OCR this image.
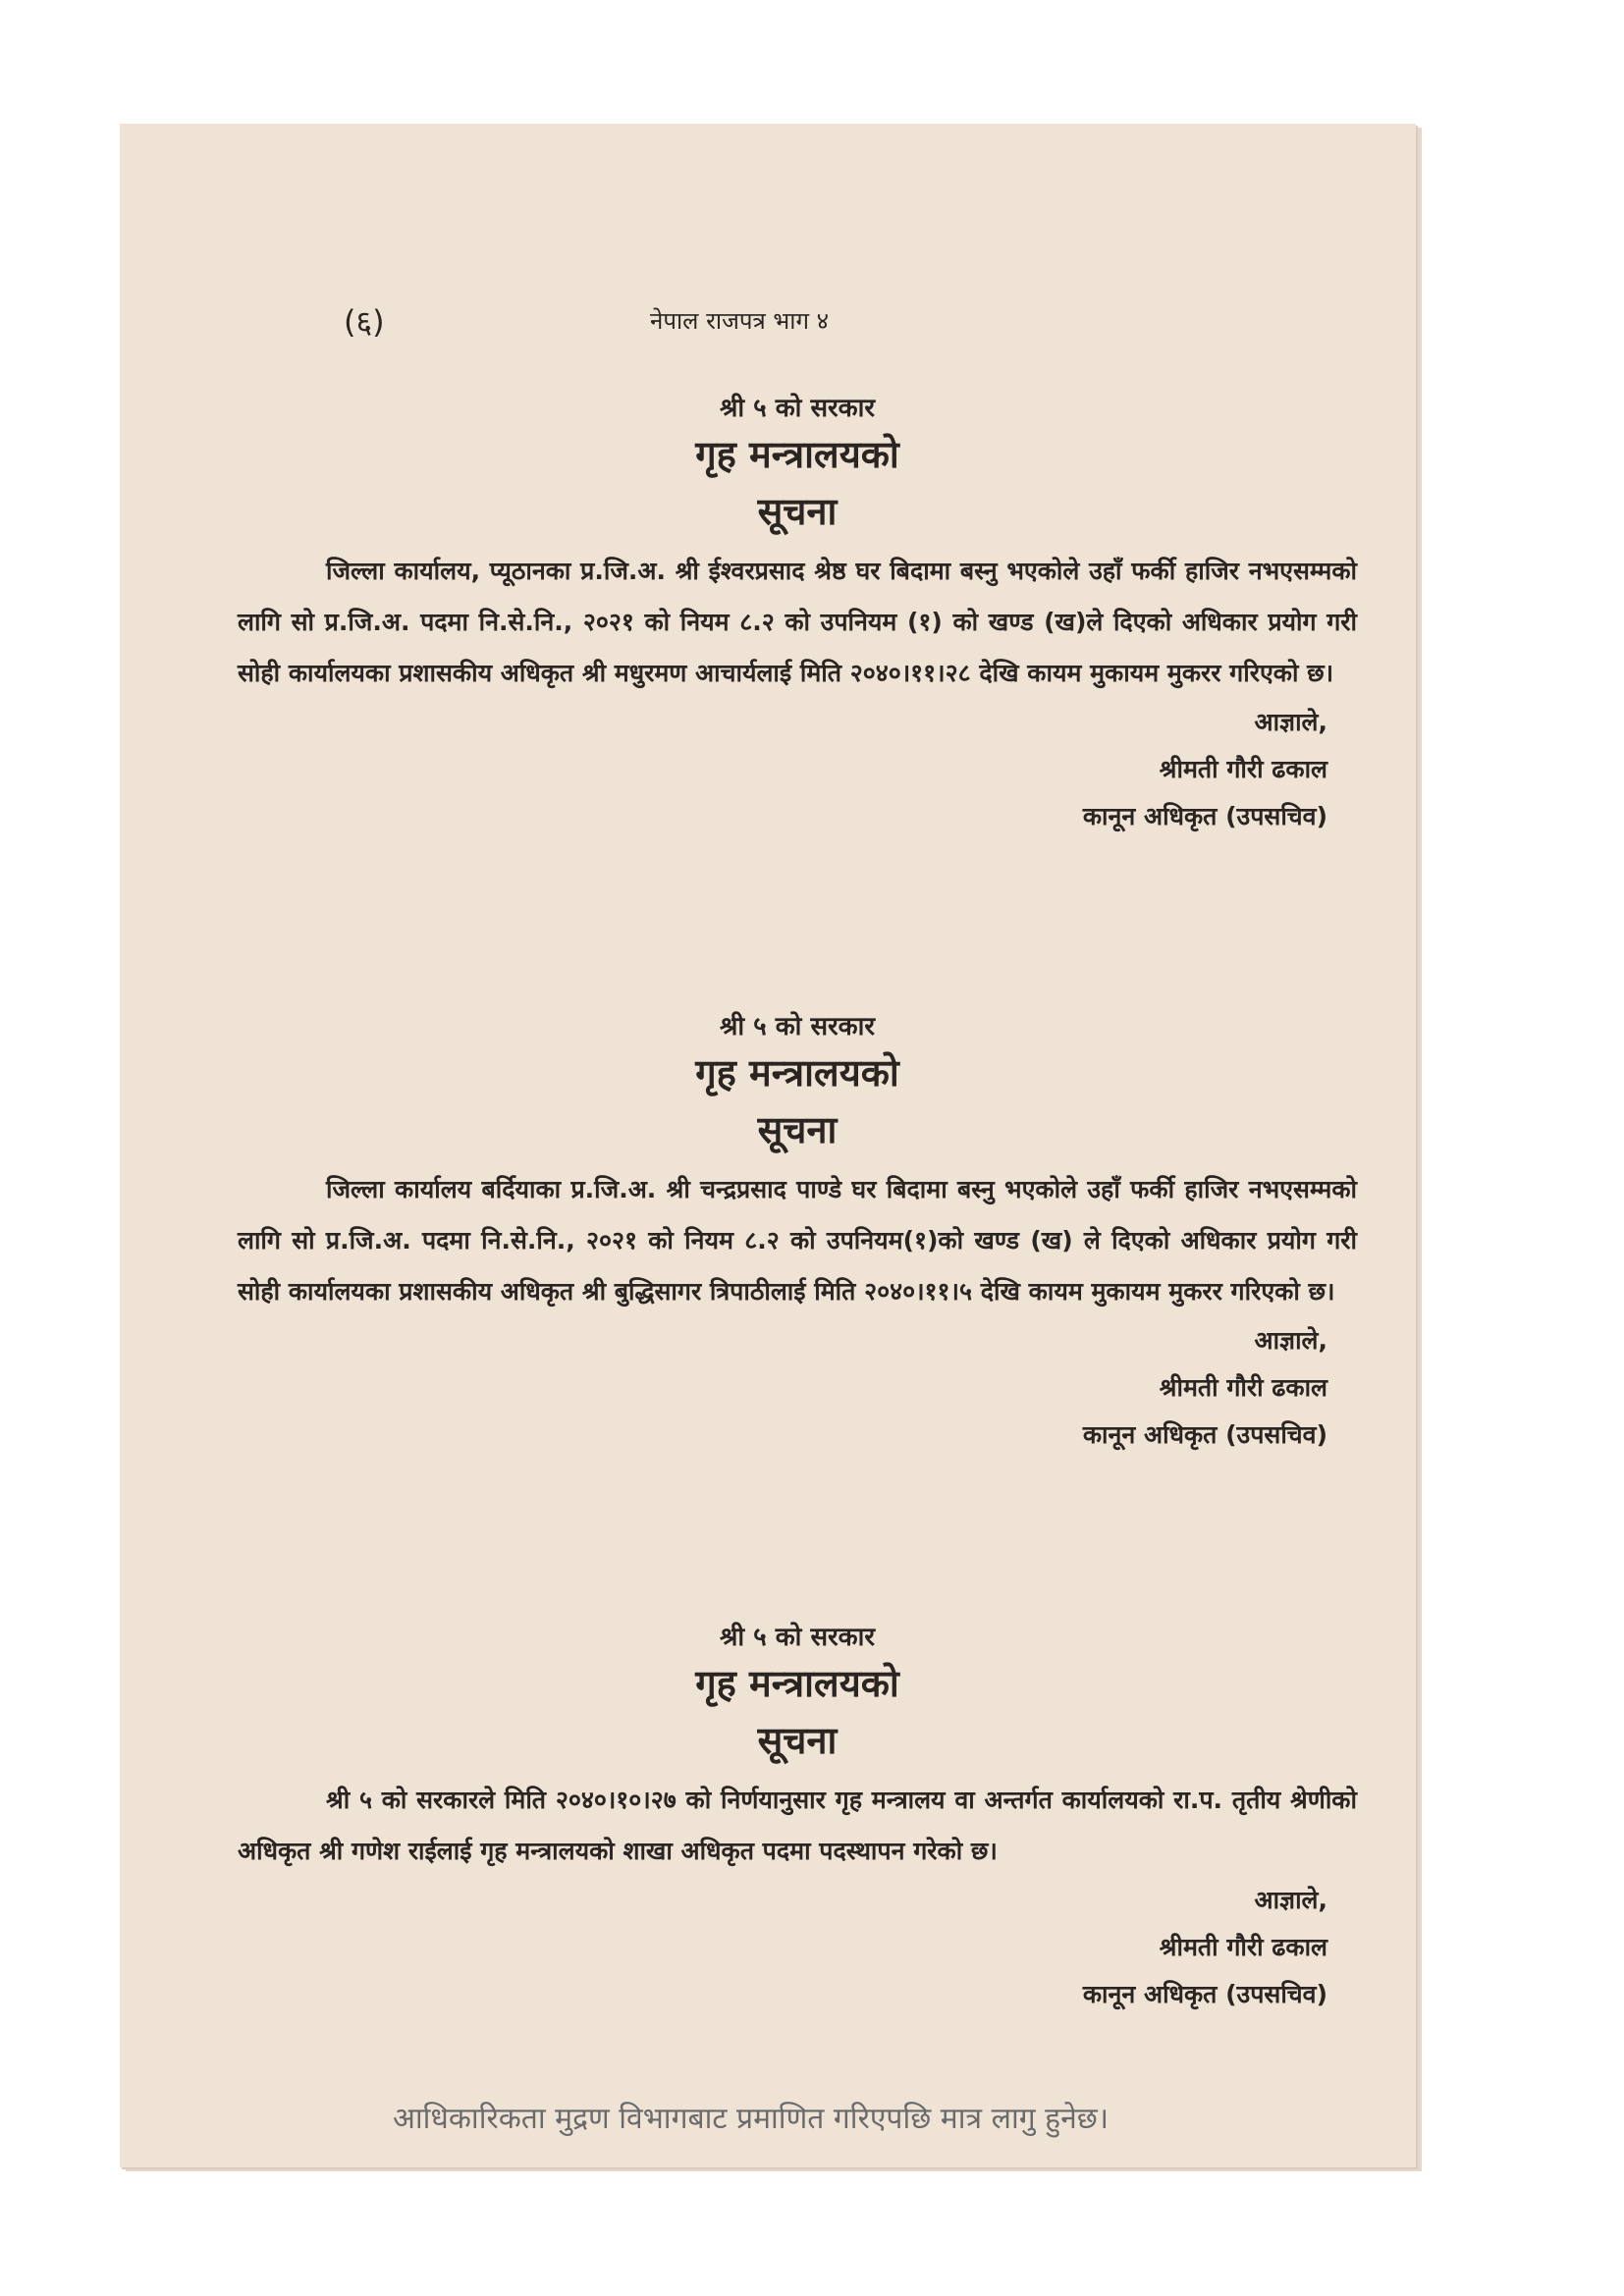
(६)	नेपाल राजपत्र भाग ४
श्री ५ को सरकार
गृह मन्त्रालयको
सूचना
जिल्ला कार्यालय, प्यूठानका प्र.जि.अ. श्री ईश्वरप्रसाद श्रेष्ठ घर बिदामा बस्नु भएकोले उहाँ फर्की हाजिर नभएसम्मको लागि सो प्र.जि.अ. पदमा नि.से.नि., २०२१ को नियम ८.२ को उपनियम (१) को खण्ड (ख)ले दिएको अधिकार प्रयोग गरी सोही कार्यालयका प्रशासकीय अधिकृत श्री मधुरमण आचार्यलाई मिति २०४०।११।२८ देखि कायम मुकायम मुकरर गरिएको छ।
आज्ञाले,
श्रीमती गौरी ढकाल
कानून अधिकृत (उपसचिव)
श्री ५ को सरकार
गृह मन्त्रालयको
सूचना
जिल्ला कार्यालय बर्दियाका प्र.जि.अ. श्री चन्द्रप्रसाद पाण्डे घर बिदामा बस्नु भएकोले उहाँ फर्की हाजिर नभएसम्मको लागि सो प्र.जि.अ. पदमा नि.से.नि., २०२१ को नियम ८.२ को उपनियम(१)को खण्ड (ख) ले दिएको अधिकार प्रयोग गरी सोही कार्यालयका प्रशासकीय अधिकृत श्री बुद्धिसागर त्रिपाठीलाई मिति २०४०।११।५ देखि कायम मुकायम मुकरर गरिएको छ।
आज्ञाले,
श्रीमती गौरी ढकाल
कानून अधिकृत (उपसचिव)
श्री ५ को सरकार
गृह मन्त्रालयको
सूचना
श्री ५ को सरकारले मिति २०४०।१०।२७ को निर्णयानुसार गृह मन्त्रालय वा अन्तर्गत कार्यालयको रा.प. तृतीय श्रेणीको अधिकृत श्री गणेश राईलाई गृह मन्त्रालयको शाखा अधिकृत पदमा पदस्थापन गरेको छ।
आज्ञाले,
श्रीमती गौरी ढकाल
कानून अधिकृत (उपसचिव)
आधिकारिकता मुद्रण विभागबाट प्रमाणित गरिएपछि मात्र लागु हुनेछ।
